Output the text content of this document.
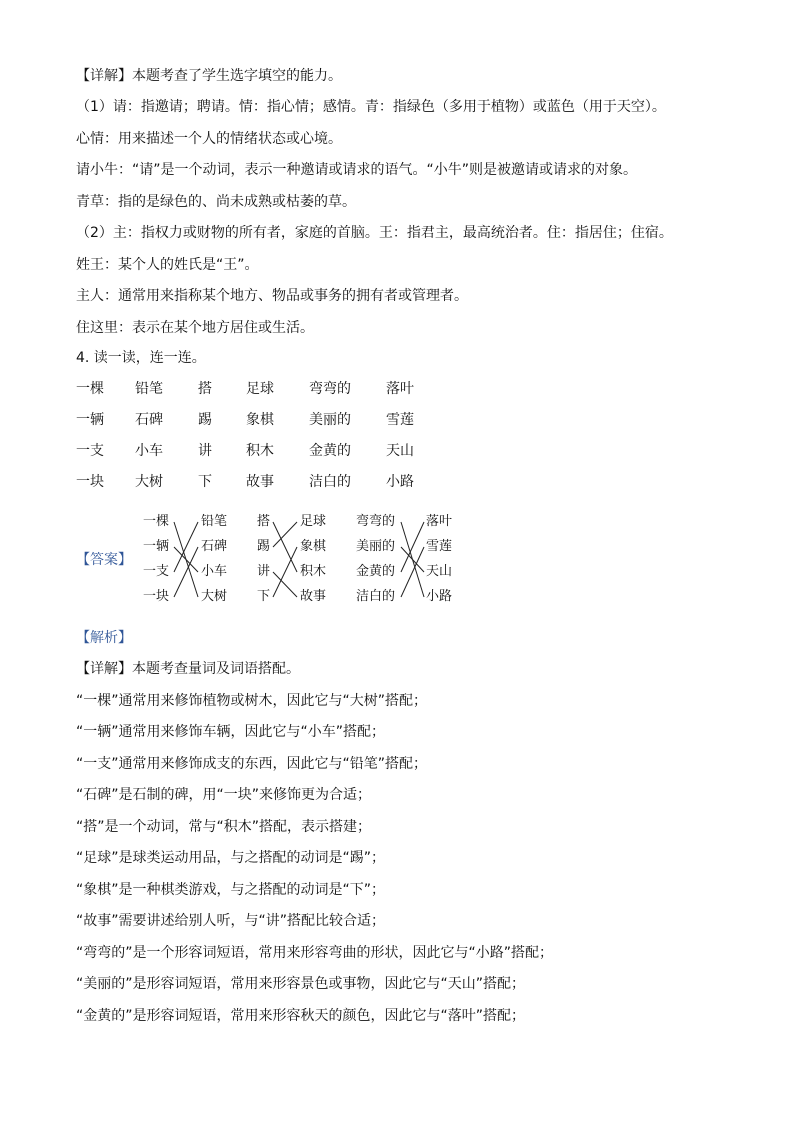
【详解】本题考查了学生选字填空的能力。
（1）请：指邀请；聘请。情：指心情；感情。青：指绿色（多用于植物）或蓝色（用于天空）。
心情：用来描述一个人的情绪状态或心境。
请小牛：“请”是一个动词，表示一种邀请或请求的语气。“小牛”则是被邀请或请求的对象。
青草：指的是绿色的、尚未成熟或枯萎的草。
（2）主：指权力或财物的所有者，家庭的首脑。王：指君主，最高统治者。住：指居住；住宿。
姓王：某个人的姓氏是“王”。
主人：通常用来指称某个地方、物品或事务的拥有者或管理者。
住这里：表示在某个地方居住或生活。
4. 读一读，连一连。
一棵 铅笔	搭 足球	弯弯的	落叶
一辆 石碑	踢 象棋	美丽的	雪莲
一支 小车	讲 积木	金黄的	天山
一块 大树	下 故事	洁白的	小路
【答案】
一棵
一辆
一支
一块
铅笔
石碑
小车
大树
搭
踢
讲
下
足球
象棋
积木
故事
弯弯的
美丽的
金黄的
洁白的
落叶
雪莲
天山
小路
【解析】
【详解】本题考查量词及词语搭配。
“一棵”通常用来修饰植物或树木，因此它与“大树”搭配；
“一辆”通常用来修饰车辆，因此它与“小车”搭配；
“一支”通常用来修饰成支的东西，因此它与“铅笔”搭配；
“石碑”是石制的碑，用“一块”来修饰更为合适；
“搭”是一个动词，常与“积木”搭配，表示搭建；
“足球”是球类运动用品，与之搭配的动词是“踢”；
“象棋”是一种棋类游戏，与之搭配的动词是“下”；
“故事”需要讲述给别人听，与“讲”搭配比较合适；
“弯弯的”是一个形容词短语，常用来形容弯曲的形状，因此它与“小路”搭配；
“美丽的”是形容词短语，常用来形容景色或事物，因此它与“天山”搭配；
“金黄的”是形容词短语，常用来形容秋天的颜色，因此它与“落叶”搭配；
